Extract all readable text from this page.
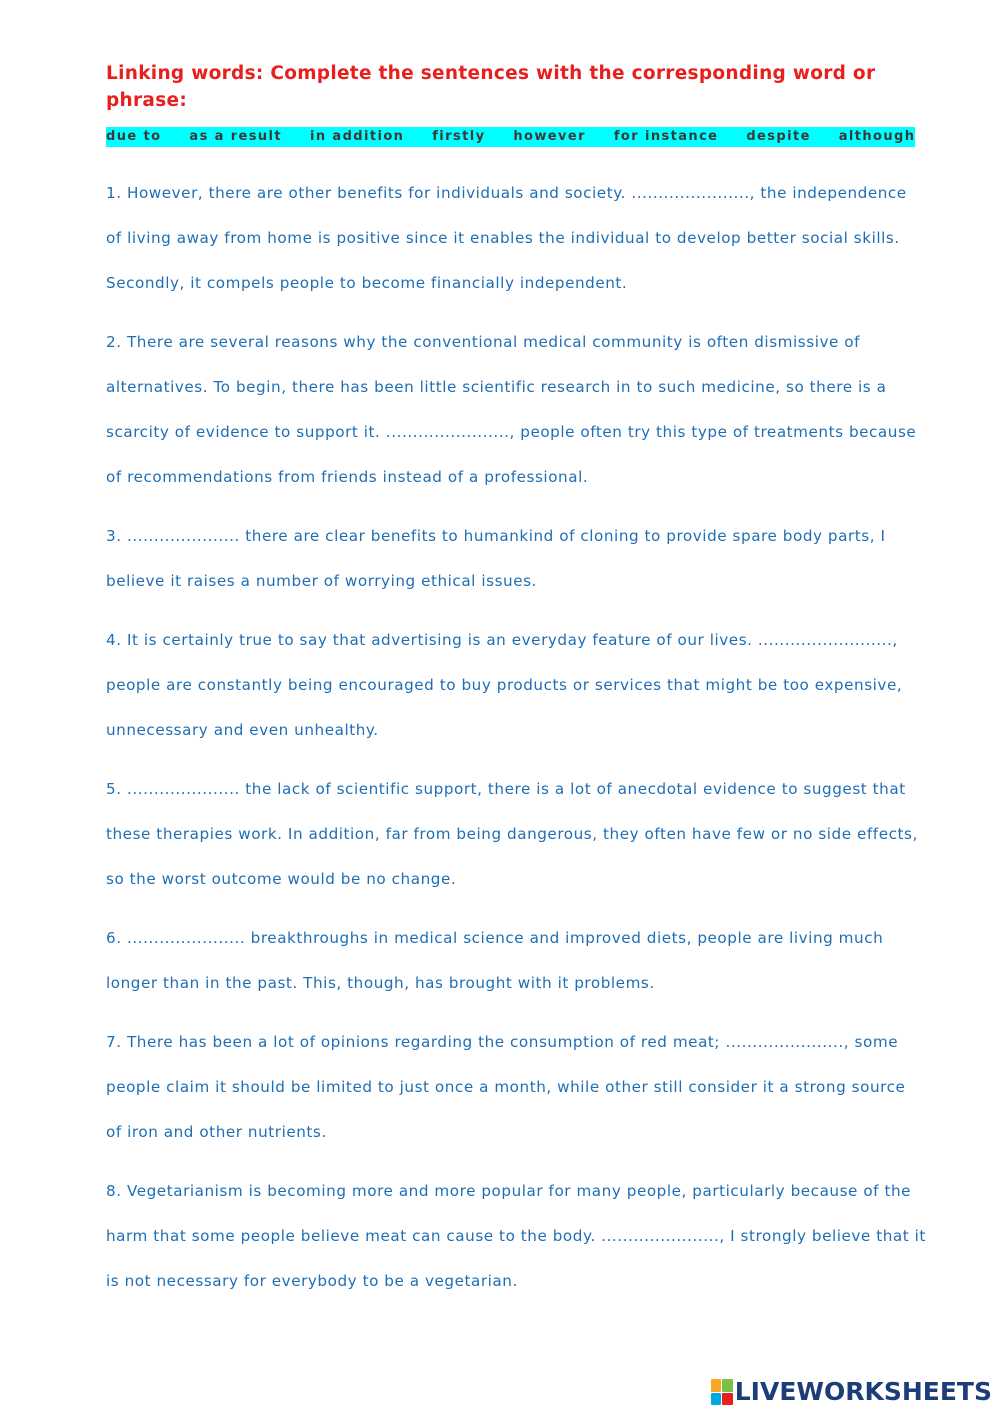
Linking words: Complete the sentences with the corresponding word or phrase:
due to as a result in addition firstly however for instance despite although

1. However, there are other benefits for individuals and society. ......................, the independence of living away from home is positive since it enables the individual to develop better social skills. Secondly, it compels people to become financially independent.

2. There are several reasons why the conventional medical community is often dismissive of alternatives. To begin, there has been little scientific research in to such medicine, so there is a scarcity of evidence to support it. ......................., people often try this type of treatments because of recommendations from friends instead of a professional.

3. ..................... there are clear benefits to humankind of cloning to provide spare body parts, I believe it raises a number of worrying ethical issues.

4. It is certainly true to say that advertising is an everyday feature of our lives. ........................., people are constantly being encouraged to buy products or services that might be too expensive, unnecessary and even unhealthy.

5. ..................... the lack of scientific support, there is a lot of anecdotal evidence to suggest that these therapies work. In addition, far from being dangerous, they often have few or no side effects, so the worst outcome would be no change.

6. ...................... breakthroughs in medical science and improved diets, people are living much longer than in the past. This, though, has brought with it problems.

7. There has been a lot of opinions regarding the consumption of red meat; ......................, some people claim it should be limited to just once a month, while other still consider it a strong source of iron and other nutrients.

8. Vegetarianism is becoming more and more popular for many people, particularly because of the harm that some people believe meat can cause to the body. ......................, I strongly believe that it is not necessary for everybody to be a vegetarian.

LIVEWORKSHEETS
